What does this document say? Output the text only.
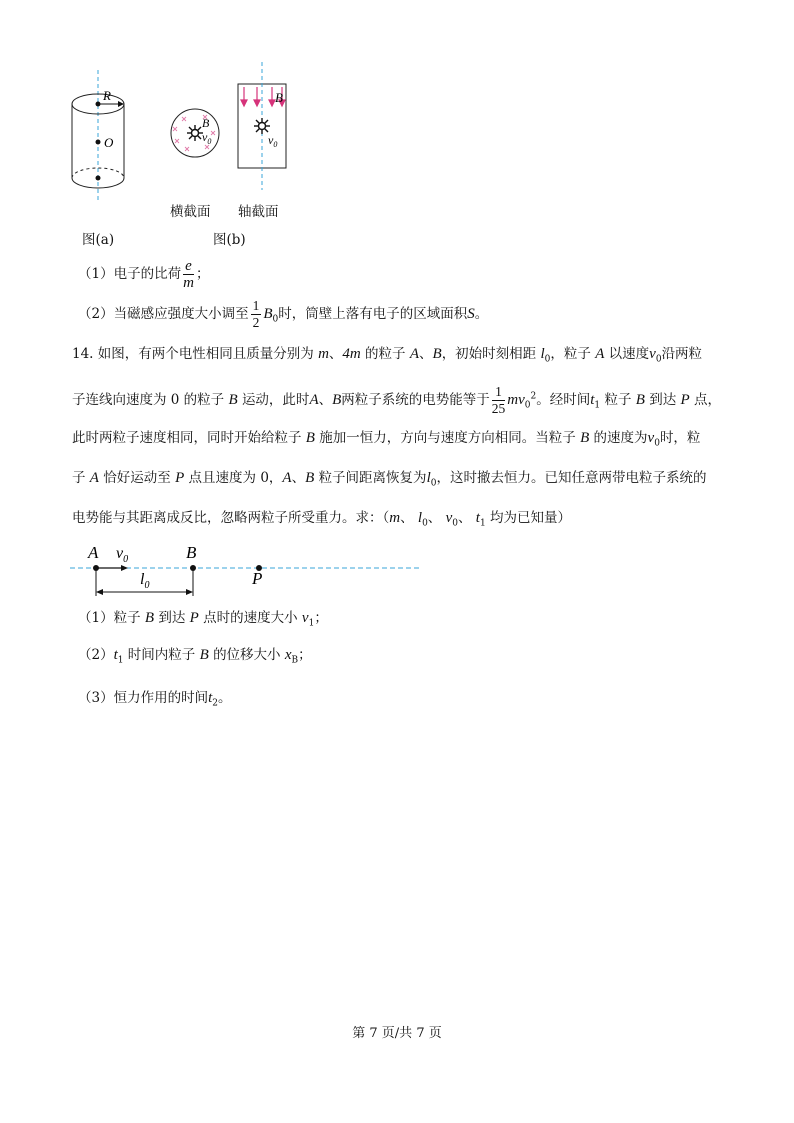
R
O
B
$v_0$
B
$v_0$
横截面 轴截面
图(a)	图(b)
（1）电子的比荷 $\frac{e}{m}$ ；
（2）当磁感应强度大小调至 $\frac{1}{2} B_0$时，筒壁上落有电子的区域面积S。
14. 如图，有两个电性相同且质量分别为 m、4m 的粒子 A、B，初始时刻相距 $l_0$，粒子 A 以速度$v_0$沿两粒
子连线向速度为 0 的粒子 B 运动，此时A、B两粒子系统的电势能等于 $\frac{1}{25} mv_0^2$。经时间$t_1$ 粒子 B 到达 P 点，
此时两粒子速度相同，同时开始给粒子 B 施加一恒力，方向与速度方向相同。当粒子 B 的速度为$v_0$时，粒
子 A 恰好运动至 P 点且速度为 0，A、B 粒子间距离恢复为$l_0$，这时撤去恒力。已知任意两带电粒子系统的
电势能与其距离成反比，忽略两粒子所受重力。求：（m、 $l_0$、 $v_0$、 $t_1$ 均为已知量）
A $v_0$	B
P
$l_0$
（1）粒子 B 到达 P 点时的速度大小 $v_1$；
$(2)t_1$ 时间内粒子 B 的位移大小 $x_B$；
（3）恒力作用的时间$t_2$。
第 7 页/共 7 页
